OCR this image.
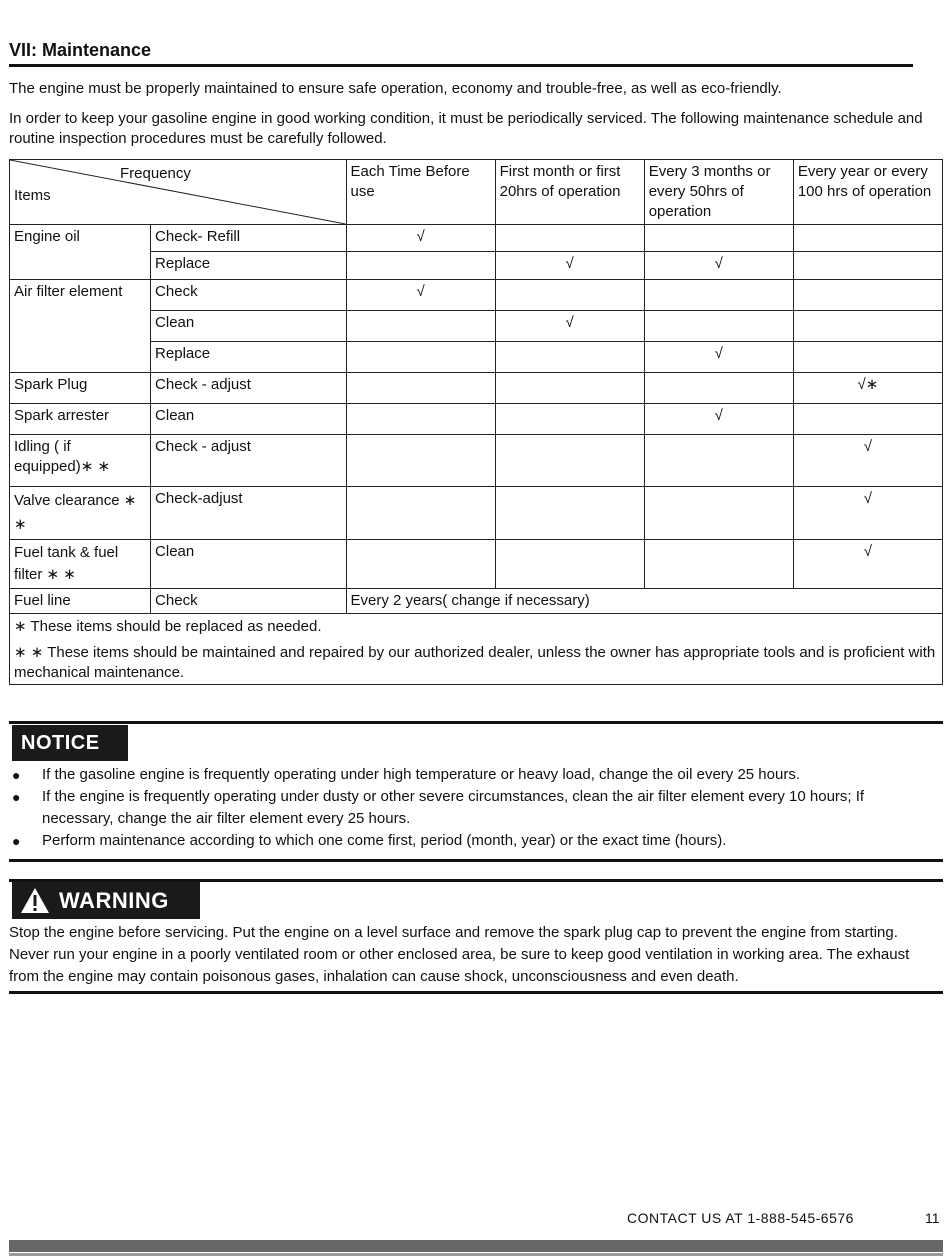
VII: Maintenance
The engine must be properly maintained to ensure safe operation, economy and trouble-free, as well as eco-friendly.
In order to keep your gasoline engine in good working condition, it must be periodically serviced. The following maintenance schedule and routine inspection procedures must be carefully followed.
Frequency
Items		Each Time Before use	First month or first 20hrs of operation	Every 3 months or every 50hrs of operation	Every year or every 100 hrs of operation
Engine oil	Check- Refill	√			
	Replace		√	√	
Air filter element	Check	√			
	Clean		√		
	Replace			√	
Spark Plug	Check - adjust				√∗
Spark arrester	Clean			√	
Idling ( if equipped)∗ ∗	Check - adjust				√
Valve clearance ∗ ∗	Check-adjust				√
Fuel tank & fuel filter ∗ ∗	Clean				√
Fuel line	Check	Every 2 years( change if necessary)			

∗ These items should be replaced as needed.
∗ ∗ These items should be maintained and repaired by our authorized dealer, unless the owner has appropriate tools and is proficient with mechanical maintenance.					
NOTICE
● If the gasoline engine is frequently operating under high temperature or heavy load, change the oil every 25 hours.
● If the engine is frequently operating under dusty or other severe circumstances, clean the air filter element every 10 hours; If necessary, change the air filter element every 25 hours.
● Perform maintenance according to which one come first, period (month, year) or the exact time (hours).
WARNING
Stop the engine before servicing. Put the engine on a level surface and remove the spark plug cap to prevent the engine from starting. Never run your engine in a poorly ventilated room or other enclosed area, be sure to keep good ventilation in working area. The exhaust from the engine may contain poisonous gases, inhalation can cause shock, unconsciousness and even death.
CONTACT US AT 1-888-545-6576	11
